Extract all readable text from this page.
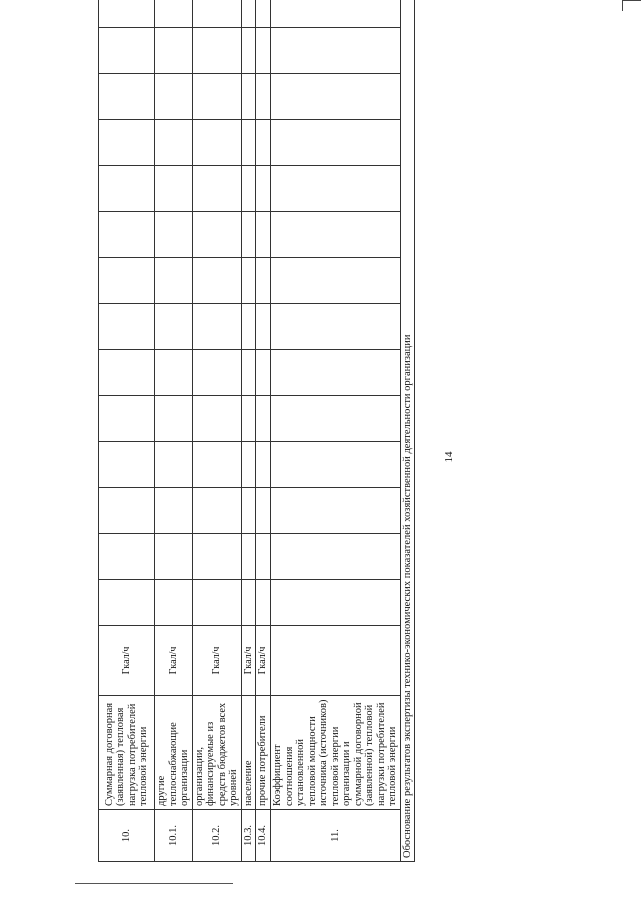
14
10.	Суммарная договорная (заявленная) тепловая нагрузка потребителей тепловой энергии	Гкал/ч														
10.1.	другие теплоснабжающие организации	Гкал/ч														
10.2.	организации, финансируемые из средств бюджетов всех уровней	Гкал/ч														
10.3.	население	Гкал/ч														
10.4.	прочие потребители	Гкал/ч														
11.	Коэффициент соотношения установленной тепловой мощности источника (источников) тепловой энергии организации и суммарной договорной (заявленной) тепловой нагрузки потребителей тепловой энергии															
Обоснование результатов экспертизы технико-экономических показателей хозяйственной деятельности организации																
